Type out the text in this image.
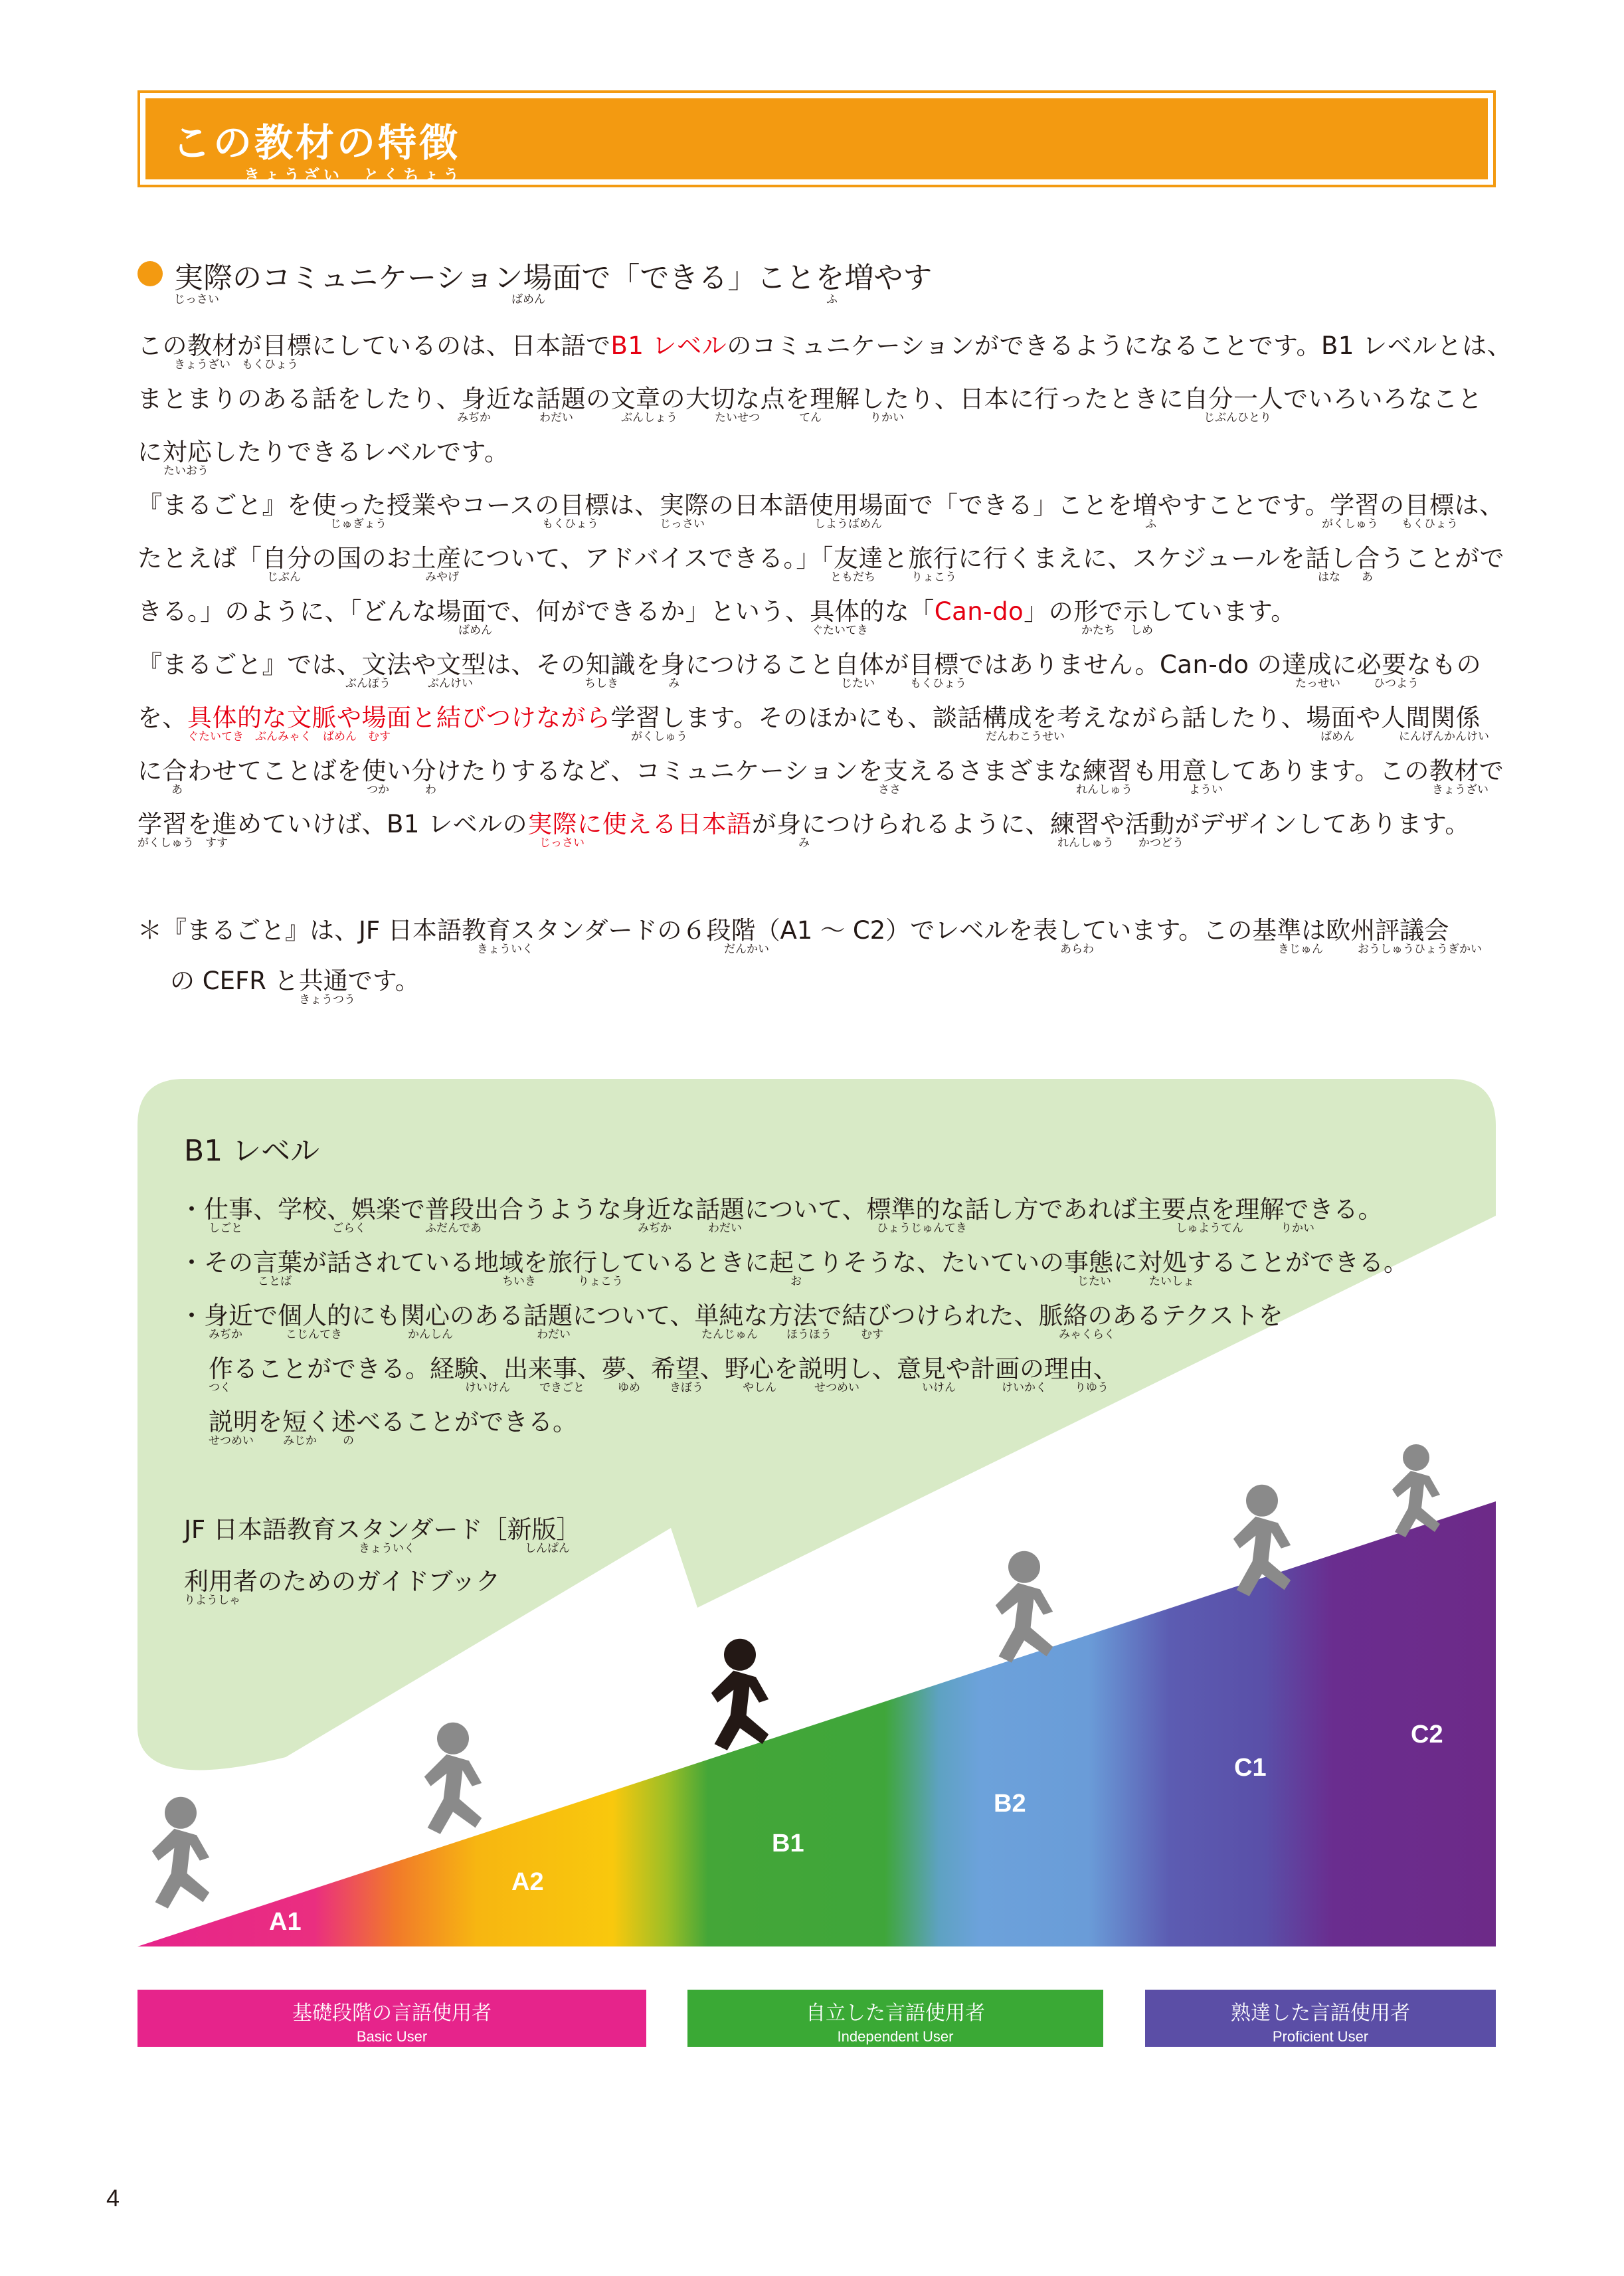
この教材の特徴
きょうざい　とくちょう
実際のコミュニケーション場面で「できる」ことを増やす
じっさい	ばめん	ふ
この教材が目標にしているのは、日本語でB1 レベルのコミュニケーションができるようになることです。B1 レベルとは、
きょうざい　もくひょう
まとまりのある話をしたり、身近な話題の文章の大切な点を理解したり、日本に行ったときに自分一人でいろいろなこと
みぢか	わだい	ぶんしょう	たいせつ	てん	りかい	じぶんひとり
に対応したりできるレベルです。
たいおう
『まるごと』を使った授業やコースの目標は、実際の日本語使用場面で「できる」ことを増やすことです。学習の目標は、
じゅぎょう	もくひょう	じっさい	しようばめん	ふ	がくしゅう もくひょう
たとえば「自分の国のお土産について、アドバイスできる。」「友達と旅行に行くまえに、スケジュールを話し合うことがで
じぶん	みやげ	ともだち	りょこう	はな あ
きる。」のように、「どんな場面で、何ができるか」という、具体的な「Can-do」の形で示しています。
ばめん	ぐたいてき	かたち しめ
『まるごと』では、文法や文型は、その知識を身につけること自体が目標ではありません。Can-do の達成に必要なもの
ぶんぽう	ぶんけい	ちしき	み	じたい	もくひょう	たっせい	ひつよう
を、具体的な文脈や場面と結びつけながら学習します。そのほかにも、談話構成を考えながら話したり、場面や人間関係
ぐたいてき　ぶんみゃく　ばめん　むす	がくしゅう	だんわこうせい	ばめん	にんげんかんけい
に合わせてことばを使い分けたりするなど、コミュニケーションを支えるさまざまな練習も用意してあります。この教材で
あ	つか	わ	ささ	れんしゅう	ようい	きょうざい
学習を進めていけば、B1 レベルの実際に使える日本語が身につけられるように、練習や活動がデザインしてあります。
がくしゅう　すす	じっさい	み	れんしゅう かつどう
＊『まるごと』は、JF 日本語教育スタンダードの６段階（A1 ～ C2）でレベルを表しています。この基準は欧州評議会
きょういく	だんかい	あらわ	きじゅん	おうしゅうひょうぎかい
の CEFR と共通です。
きょうつう
B1 レベル
・仕事、学校、娯楽で普段出合うような身近な話題について、標準的な話し方であれば主要点を理解できる。
しごと	ごらく	ふだんであ	みぢか	わだい	ひょうじゅんてき	しゅようてん	りかい
・その言葉が話されている地域を旅行しているときに起こりそうな、たいていの事態に対処することができる。
ことば	ちいき	りょこう	お	じたい	たいしょ
・身近で個人的にも関心のある話題について、単純な方法で結びつけられた、脈絡のあるテクストを
みぢか	こじんてき	かんしん	わだい	たんじゅん	ほうほう	むす	みゃくらく
作ることができる。経験、出来事、夢、希望、野心を説明し、意見や計画の理由、
つく	けいけん	できごと	ゆめ	きぼう	やしん	せつめい	いけん	けいかく りゆう
説明を短く述べることができる。
せつめい	みじか の
JF 日本語教育スタンダード［新版］
きょういく	しんぱん
利用者のためのガイドブック
りようしゃ
A1
A2
B1
B2
C1
C2
基礎段階の言語使用者
Basic User
自立した言語使用者
Independent User
熟達した言語使用者
Proficient User
4
